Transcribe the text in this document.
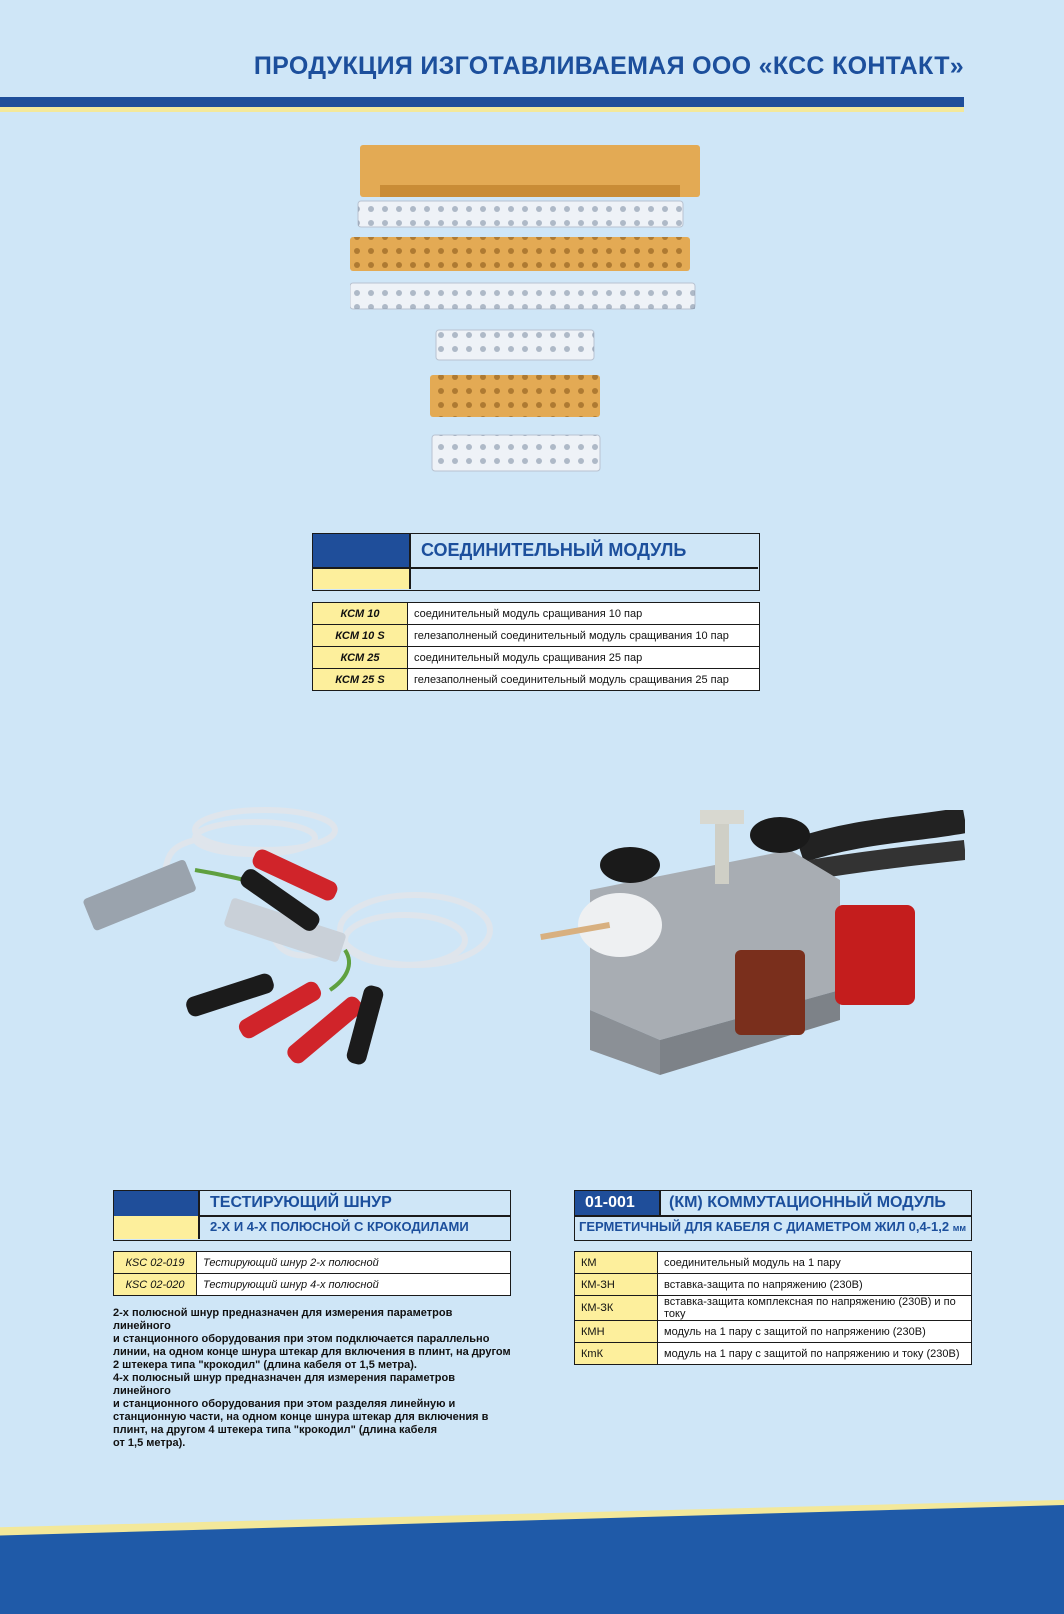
ПРОДУКЦИЯ ИЗГОТАВЛИВАЕМАЯ ООО «КСС КОНТАКТ»
СОЕДИНИТЕЛЬНЫЙ МОДУЛЬ
КСМ 10	соединительный модуль сращивания 10 пар
КСМ 10 S	гелезаполненый соединительный модуль сращивания 10 пар
КСМ 25	соединительный модуль сращивания 25 пар
КСМ 25 S	гелезаполненый соединительный модуль сращивания 25 пар
ТЕСТИРУЮЩИЙ ШНУР
2-Х И 4-Х ПОЛЮСНОЙ С КРОКОДИЛАМИ
КSC 02-019	Тестирующий шнур 2-х полюсной
КSC 02-020	Тестирующий шнур 4-х полюсной
2-х полюсной шнур предназначен для измерения параметров линейного
и станционного оборудования при этом подключается параллельно
линии, на одном конце шнура штекар для включения в плинт, на другом
2 штекера типа "крокодил" (длина кабеля от 1,5 метра).
4-х полюсный шнур предназначен для измерения параметров линейного
и станционного оборудования при этом разделяя линейную и
станционную части, на одном конце шнура штекар для включения в
плинт, на другом 4 штекера типа "крокодил" (длина кабеля
от 1,5 метра).
01-001 (КМ) КОММУТАЦИОННЫЙ МОДУЛЬ
ГЕРМЕТИЧНЫЙ ДЛЯ КАБЕЛЯ С ДИАМЕТРОМ ЖИЛ 0,4-1,2 мм
КМ	соединительный модуль на 1 пару
КМ-ЗН	вставка-защита по напряжению (230В)
КМ-ЗК	вставка-защита комплексная по напряжению (230В) и по току
КМН	модуль на 1 пару с защитой по напряжению (230В)
КmК	модуль на 1 пару с защитой по напряжению и току (230В)
